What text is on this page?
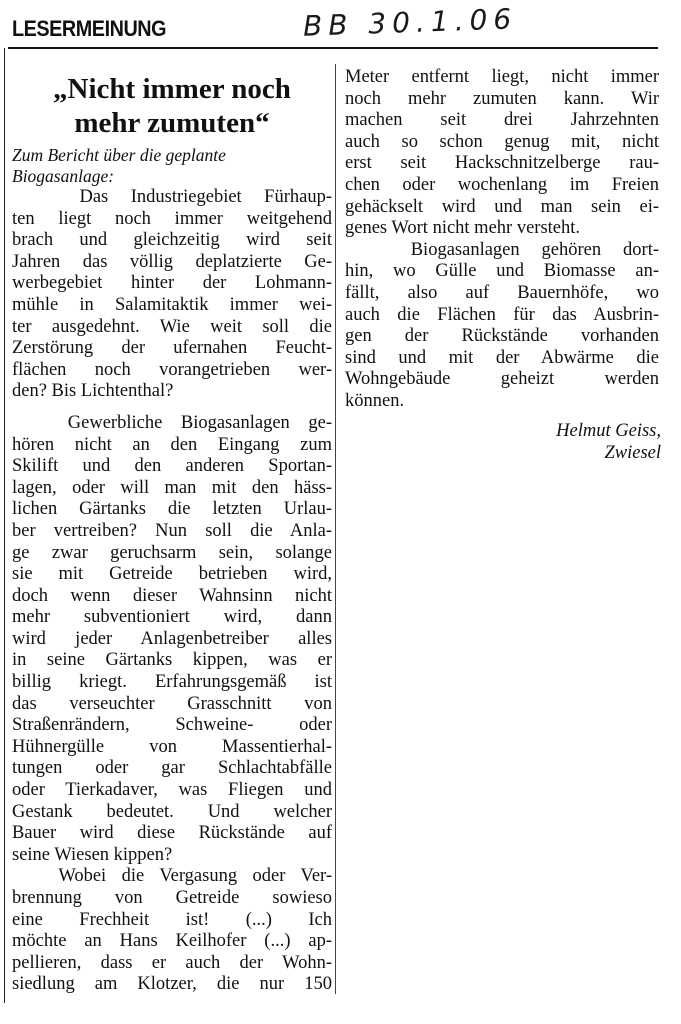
LESERMEINUNG	BB 30.1.06
„Nicht immer noch
mehr zumuten“
Zum Bericht über die geplante
Biogasanlage:
Das Industriegebiet Fürhaup-
ten liegt noch immer weitgehend
brach und gleichzeitig wird seit
Jahren das völlig deplatzierte Ge-
werbegebiet hinter der Lohmann-
mühle in Salamitaktik immer wei-
ter ausgedehnt. Wie weit soll die
Zerstörung der ufernahen Feucht-
flächen noch vorangetrieben wer-
den? Bis Lichtenthal?
Gewerbliche Biogasanlagen ge-
hören nicht an den Eingang zum
Skilift und den anderen Sportan-
lagen, oder will man mit den häss-
lichen Gärtanks die letzten Urlau-
ber vertreiben? Nun soll die Anla-
ge zwar geruchsarm sein, solange
sie mit Getreide betrieben wird,
doch wenn dieser Wahnsinn nicht
mehr subventioniert wird, dann
wird jeder Anlagenbetreiber alles
in seine Gärtanks kippen, was er
billig kriegt. Erfahrungsgemäß ist
das verseuchter Grasschnitt von
Straßenrändern, Schweine- oder
Hühnergülle von Massentierhal-
tungen oder gar Schlachtabfälle
oder Tierkadaver, was Fliegen und
Gestank bedeutet. Und welcher
Bauer wird diese Rückstände auf
seine Wiesen kippen?
Wobei die Vergasung oder Ver-
brennung von Getreide sowieso
eine Frechheit ist! (...) Ich
möchte an Hans Keilhofer (...) ap-
pellieren, dass er auch der Wohn-
siedlung am Klotzer, die nur 150
Meter entfernt liegt, nicht immer
noch mehr zumuten kann. Wir
machen seit drei Jahrzehnten
auch so schon genug mit, nicht
erst seit Hackschnitzelberge rau-
chen oder wochenlang im Freien
gehäckselt wird und man sein ei-
genes Wort nicht mehr versteht.
Biogasanlagen gehören dort-
hin, wo Gülle und Biomasse an-
fällt, also auf Bauernhöfe, wo
auch die Flächen für das Ausbrin-
gen der Rückstände vorhanden
sind und mit der Abwärme die
Wohngebäude geheizt werden
können.
Helmut Geiss,
Zwiesel
